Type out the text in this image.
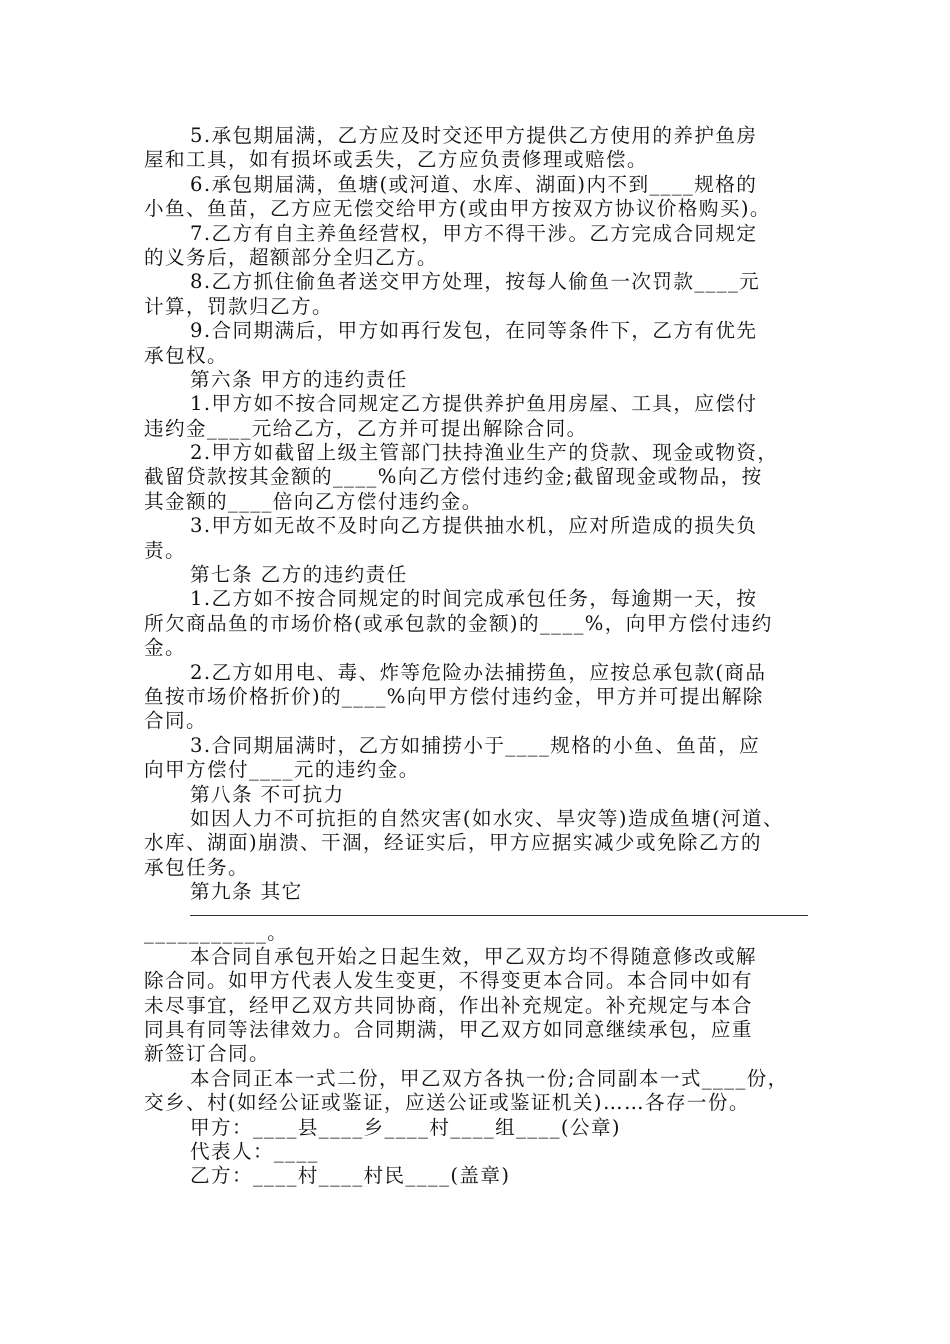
5.承包期届满，乙方应及时交还甲方提供乙方使用的养护鱼房
屋和工具，如有损坏或丢失，乙方应负责修理或赔偿。
6.承包期届满，鱼塘(或河道、水库、湖面)内不到____规格的
小鱼、鱼苗，乙方应无偿交给甲方(或由甲方按双方协议价格购买)。
7.乙方有自主养鱼经营权，甲方不得干涉。乙方完成合同规定
的义务后，超额部分全归乙方。
8.乙方抓住偷鱼者送交甲方处理，按每人偷鱼一次罚款____元
计算，罚款归乙方。
9.合同期满后，甲方如再行发包，在同等条件下，乙方有优先
承包权。
第六条 甲方的违约责任
1.甲方如不按合同规定乙方提供养护鱼用房屋、工具，应偿付
违约金____元给乙方，乙方并可提出解除合同。
2.甲方如截留上级主管部门扶持渔业生产的贷款、现金或物资，
截留贷款按其金额的____%向乙方偿付违约金;截留现金或物品，按
其金额的____倍向乙方偿付违约金。
3.甲方如无故不及时向乙方提供抽水机，应对所造成的损失负
责。
第七条 乙方的违约责任
1.乙方如不按合同规定的时间完成承包任务，每逾期一天，按
所欠商品鱼的市场价格(或承包款的金额)的____%，向甲方偿付违约
金。
2.乙方如用电、毒、炸等危险办法捕捞鱼，应按总承包款(商品
鱼按市场价格折价)的____%向甲方偿付违约金，甲方并可提出解除
合同。
3.合同期届满时，乙方如捕捞小于____规格的小鱼、鱼苗，应
向甲方偿付____元的违约金。
第八条 不可抗力
如因人力不可抗拒的自然灾害(如水灾、旱灾等)造成鱼塘(河道、
水库、湖面)崩溃、干涸，经证实后，甲方应据实减少或免除乙方的
承包任务。
第九条 其它
___________。
本合同自承包开始之日起生效，甲乙双方均不得随意修改或解
除合同。如甲方代表人发生变更，不得变更本合同。本合同中如有
未尽事宜，经甲乙双方共同协商，作出补充规定。补充规定与本合
同具有同等法律效力。合同期满，甲乙双方如同意继续承包，应重
新签订合同。
本合同正本一式二份，甲乙双方各执一份;合同副本一式____份，
交乡、村(如经公证或鉴证，应送公证或鉴证机关)……各存一份。
甲方：____县____乡____村____组____(公章)
代表人：____
乙方：____村____村民____(盖章)
